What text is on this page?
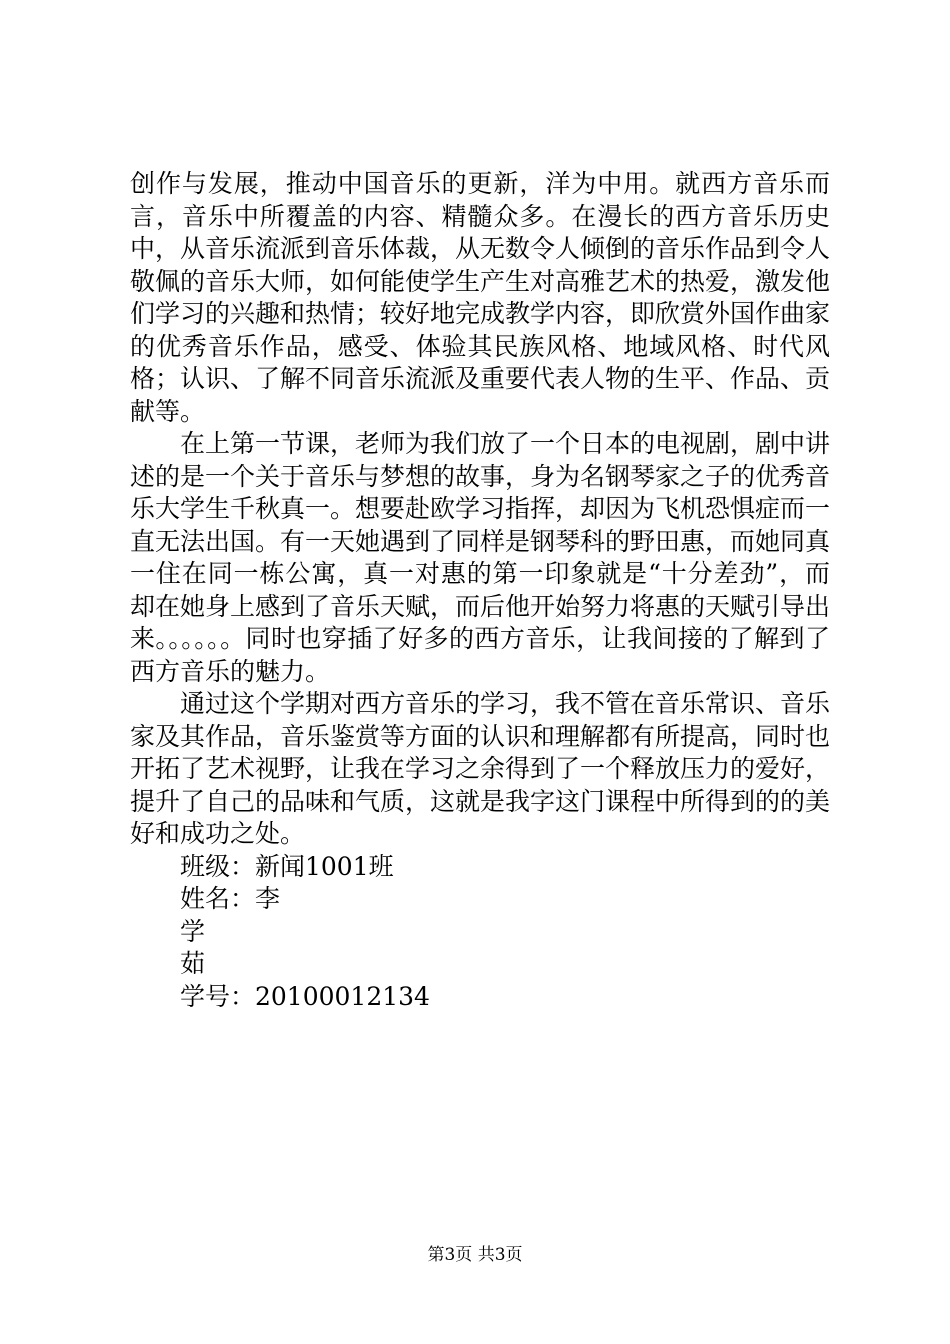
创作与发展，推动中国音乐的更新，洋为中用。就西方音乐而言，音乐中所覆盖的内容、精髓众多。在漫长的西方音乐历史中，从音乐流派到音乐体裁，从无数令人倾倒的音乐作品到令人敬佩的音乐大师，如何能使学生产生对高雅艺术的热爱，激发他们学习的兴趣和热情；较好地完成教学内容，即欣赏外国作曲家的优秀音乐作品，感受、体验其民族风格、地域风格、时代风格；认识、了解不同音乐流派及重要代表人物的生平、作品、贡献等。

在上第一节课，老师为我们放了一个日本的电视剧，剧中讲述的是一个关于音乐与梦想的故事，身为名钢琴家之子的优秀音乐大学生千秋真一。想要赴欧学习指挥，却因为飞机恐惧症而一直无法出国。有一天她遇到了同样是钢琴科的野田惠，而她同真一住在同一栋公寓，真一对惠的第一印象就是“十分差劲”，而却在她身上感到了音乐天赋，而后他开始努力将惠的天赋引导出来。。。。。。同时也穿插了好多的西方音乐，让我间接的了解到了西方音乐的魅力。

通过这个学期对西方音乐的学习，我不管在音乐常识、音乐家及其作品，音乐鉴赏等方面的认识和理解都有所提高，同时也开拓了艺术视野，让我在学习之余得到了一个释放压力的爱好，提升了自己的品味和气质，这就是我字这门课程中所得到的的美好和成功之处。

班级：新闻1001班

姓名：李

学

茹

学号：20100012134

第3页 共3页
